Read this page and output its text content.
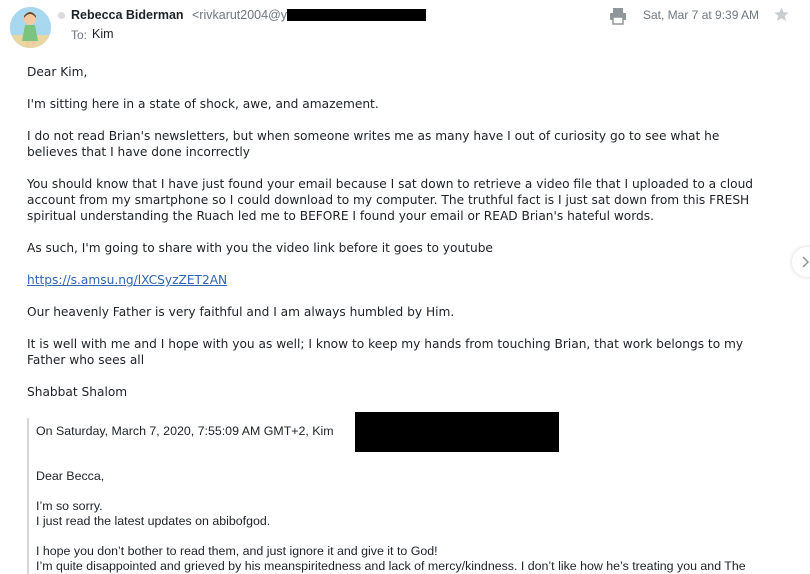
Rebecca Biderman <rivkarut2004@y
To: Kim
Sat, Mar 7 at 9:39 AM

Dear Kim,

I'm sitting here in a state of shock, awe, and amazement.

I do not read Brian's newsletters, but when someone writes me as many have I out of curiosity go to see what he

believes that I have done incorrectly

You should know that I have just found your email because I sat down to retrieve a video file that I uploaded to a cloud

account from my smartphone so I could download to my computer. The truthful fact is I just sat down from this FRESH

spiritual understanding the Ruach led me to BEFORE I found your email or READ Brian's hateful words.

As such, I'm going to share with you the video link before it goes to youtube

https://s.amsu.ng/lXCSyzZET2AN

Our heavenly Father is very faithful and I am always humbled by Him.

It is well with me and I hope with you as well; I know to keep my hands from touching Brian, that work belongs to my

Father who sees all

Shabbat Shalom

On Saturday, March 7, 2020, 7:55:09 AM GMT+2, Kim

Dear Becca,

I’m so sorry.

I just read the latest updates on abibofgod.

I hope you don’t bother to read them, and just ignore it and give it to God!

I’m quite disappointed and grieved by his meanspiritedness and lack of mercy/kindness. I don’t like how he’s treating you and The
